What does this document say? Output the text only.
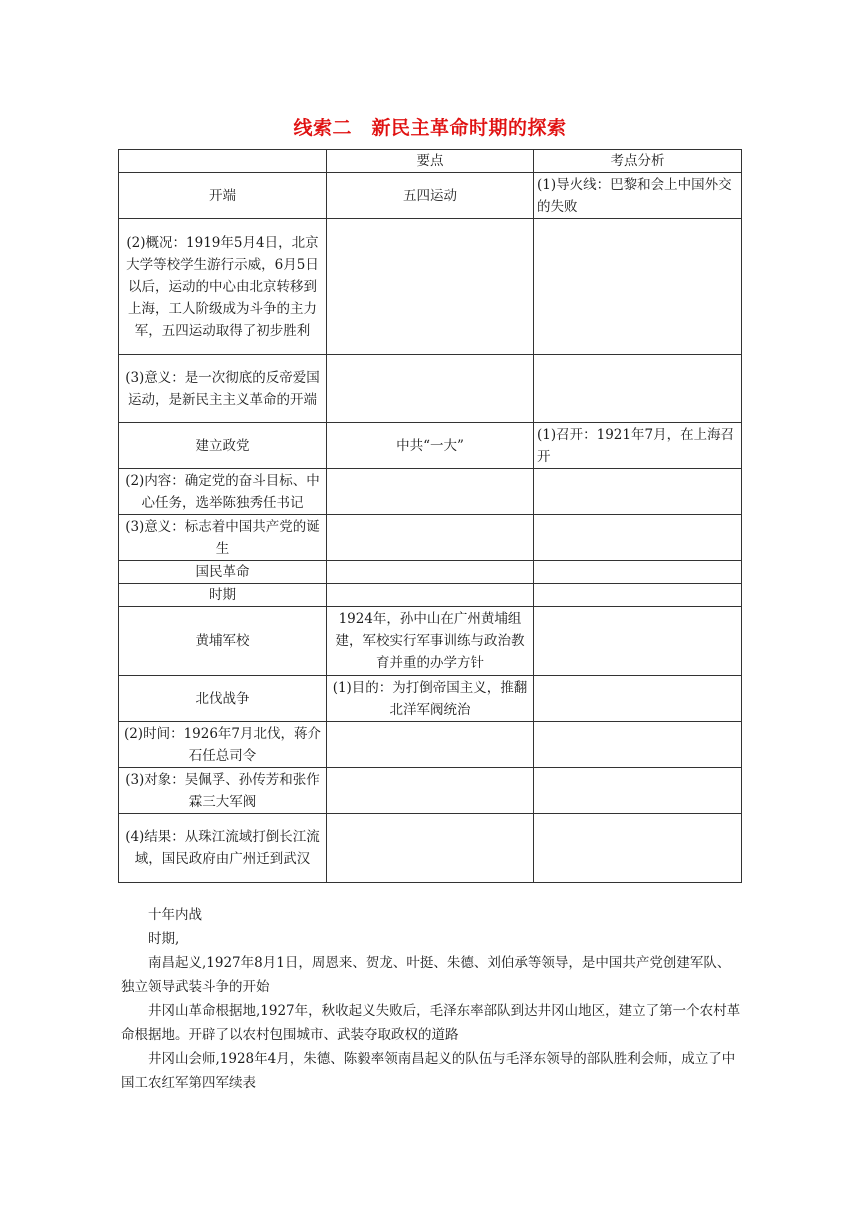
线索二　新民主革命时期的探索
	要点	考点分析
开端	五四运动	(1)导火线：巴黎和会上中国外交的失败
(2)概况：1919年5月4日，北京大学等校学生游行示威，6月5日以后，运动的中心由北京转移到上海，工人阶级成为斗争的主力军，五四运动取得了初步胜利		
(3)意义：是一次彻底的反帝爱国运动，是新民主主义革命的开端		
建立政党	中共“一大”	(1)召开：1921年7月，在上海召开
(2)内容：确定党的奋斗目标、中心任务，选举陈独秀任书记		
(3)意义：标志着中国共产党的诞生		
国民革命		
时期		
黄埔军校	1924年，孙中山在广州黄埔组建，军校实行军事训练与政治教育并重的办学方针	
北伐战争	(1)目的：为打倒帝国主义，推翻北洋军阀统治	
(2)时间：1926年7月北伐，蒋介石任总司令		
(3)对象：吴佩孚、孙传芳和张作霖三大军阀		
(4)结果：从珠江流域打倒长江流域，国民政府由广州迁到武汉		

十年内战

时期,

南昌起义,1927年8月1日，周恩来、贺龙、叶挺、朱德、刘伯承等领导，是中国共产党创建军队、独立领导武装斗争的开始

井冈山革命根据地,1927年，秋收起义失败后，毛泽东率部队到达井冈山地区，建立了第一个农村革命根据地。开辟了以农村包围城市、武装夺取政权的道路

井冈山会师,1928年4月，朱德、陈毅率领南昌起义的队伍与毛泽东领导的部队胜利会师，成立了中国工农红军第四军续表
